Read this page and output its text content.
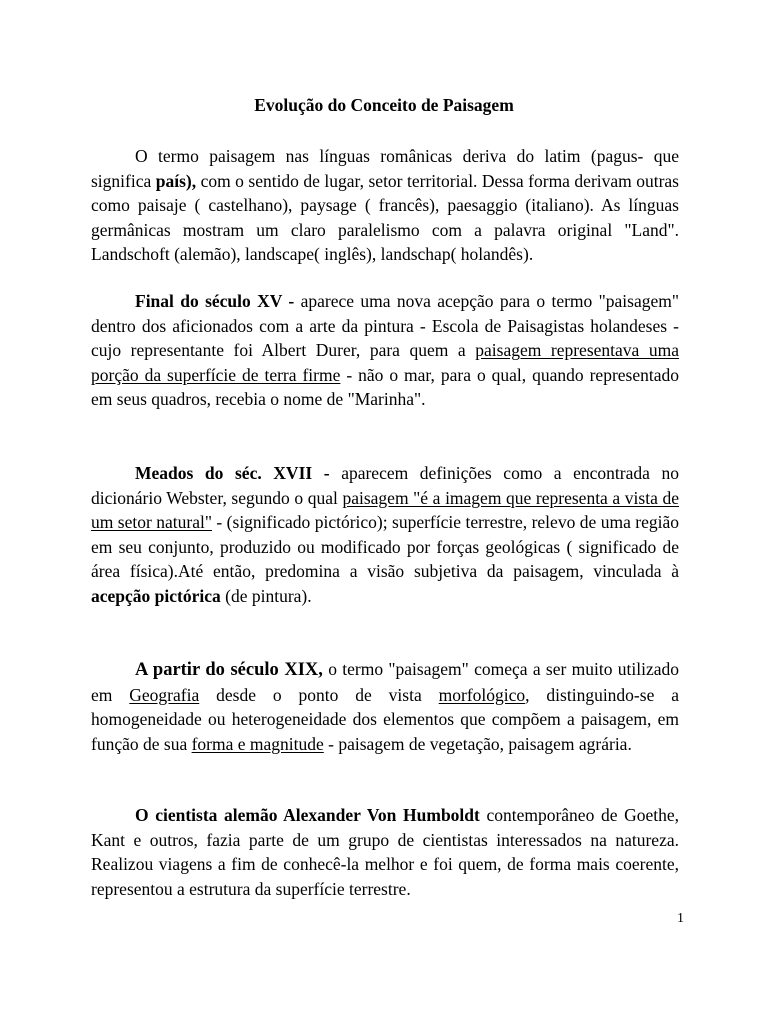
Evolução do Conceito de Paisagem

O termo paisagem nas línguas românicas deriva do latim (pagus- que significa país), com o sentido de lugar, setor territorial. Dessa forma derivam outras como paisaje ( castelhano), paysage ( francês), paesaggio (italiano). As línguas germânicas mostram um claro paralelismo com a palavra original "Land". Landschoft (alemão), landscape( inglês), landschap( holandês).

Final do século XV - aparece uma nova acepção para o termo "paisagem" dentro dos aficionados com a arte da pintura - Escola de Paisagistas holandeses - cujo representante foi Albert Durer, para quem a paisagem representava uma porção da superfície de terra firme - não o mar, para o qual, quando representado em seus quadros, recebia o nome de "Marinha".

Meados do séc. XVII - aparecem definições como a encontrada no dicionário Webster, segundo o qual paisagem "é a imagem que representa a vista de um setor natural" - (significado pictórico); superfície terrestre, relevo de uma região em seu conjunto, produzido ou modificado por forças geológicas ( significado de área física).Até então, predomina a visão subjetiva da paisagem, vinculada à acepção pictórica (de pintura).

A partir do século XIX, o termo "paisagem" começa a ser muito utilizado em Geografia desde o ponto de vista morfológico, distinguindo-se a homogeneidade ou heterogeneidade dos elementos que compõem a paisagem, em função de sua forma e magnitude - paisagem de vegetação, paisagem agrária.

O cientista alemão Alexander Von Humboldt contemporâneo de Goethe, Kant e outros, fazia parte de um grupo de cientistas interessados na natureza. Realizou viagens a fim de conhecê-la melhor e foi quem, de forma mais coerente, representou a estrutura da superfície terrestre.

1
